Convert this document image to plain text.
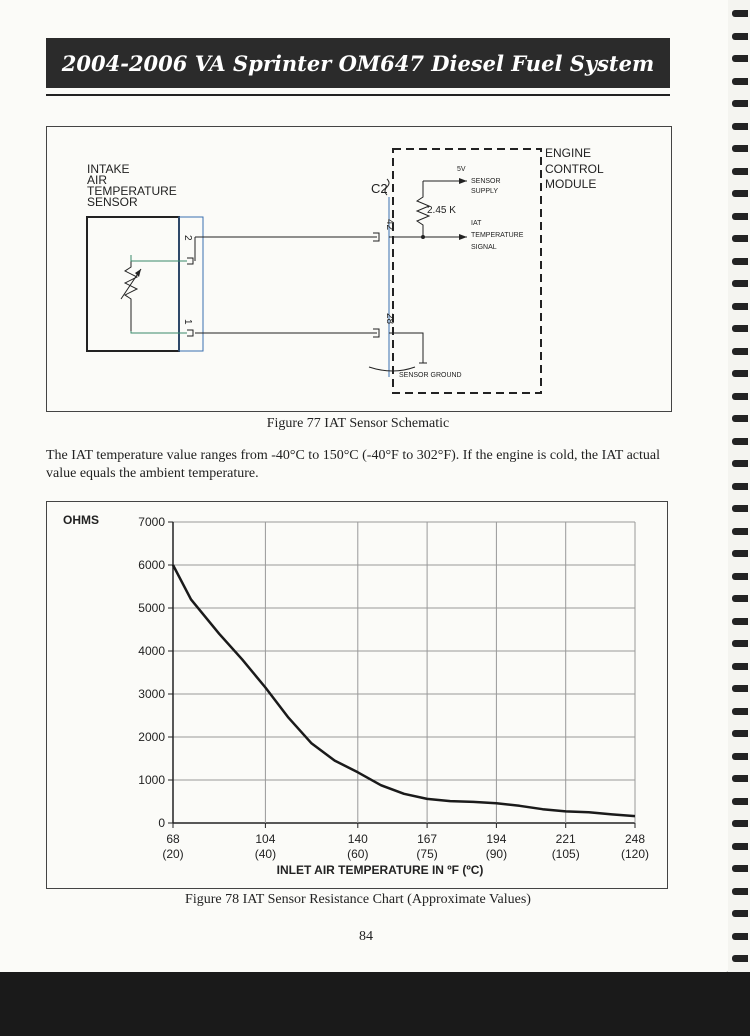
2004-2006 VA Sprinter OM647 Diesel Fuel System
INTAKE
AIR
TEMPERATURE
SENSOR
2
1
ENGINE
CONTROL
MODULE
C2
42
28
5V
SENSOR
SUPPLY
2.45 K
IAT
TEMPERATURE
SIGNAL
SENSOR GROUND
Figure 77 IAT Sensor Schematic
The IAT temperature value ranges from -40°C to 150°C (-40°F to 302°F). If the engine is cold, the IAT actual value equals the ambient temperature.
OHMS
0
1000
2000
3000
4000
5000
6000
7000
68
(20)
104
(40)
140
(60)
167
(75)
194
(90)
221
(105)
248
(120)
INLET AIR TEMPERATURE IN ºF (ºC)
Figure 78 IAT Sensor Resistance Chart (Approximate Values)
84
